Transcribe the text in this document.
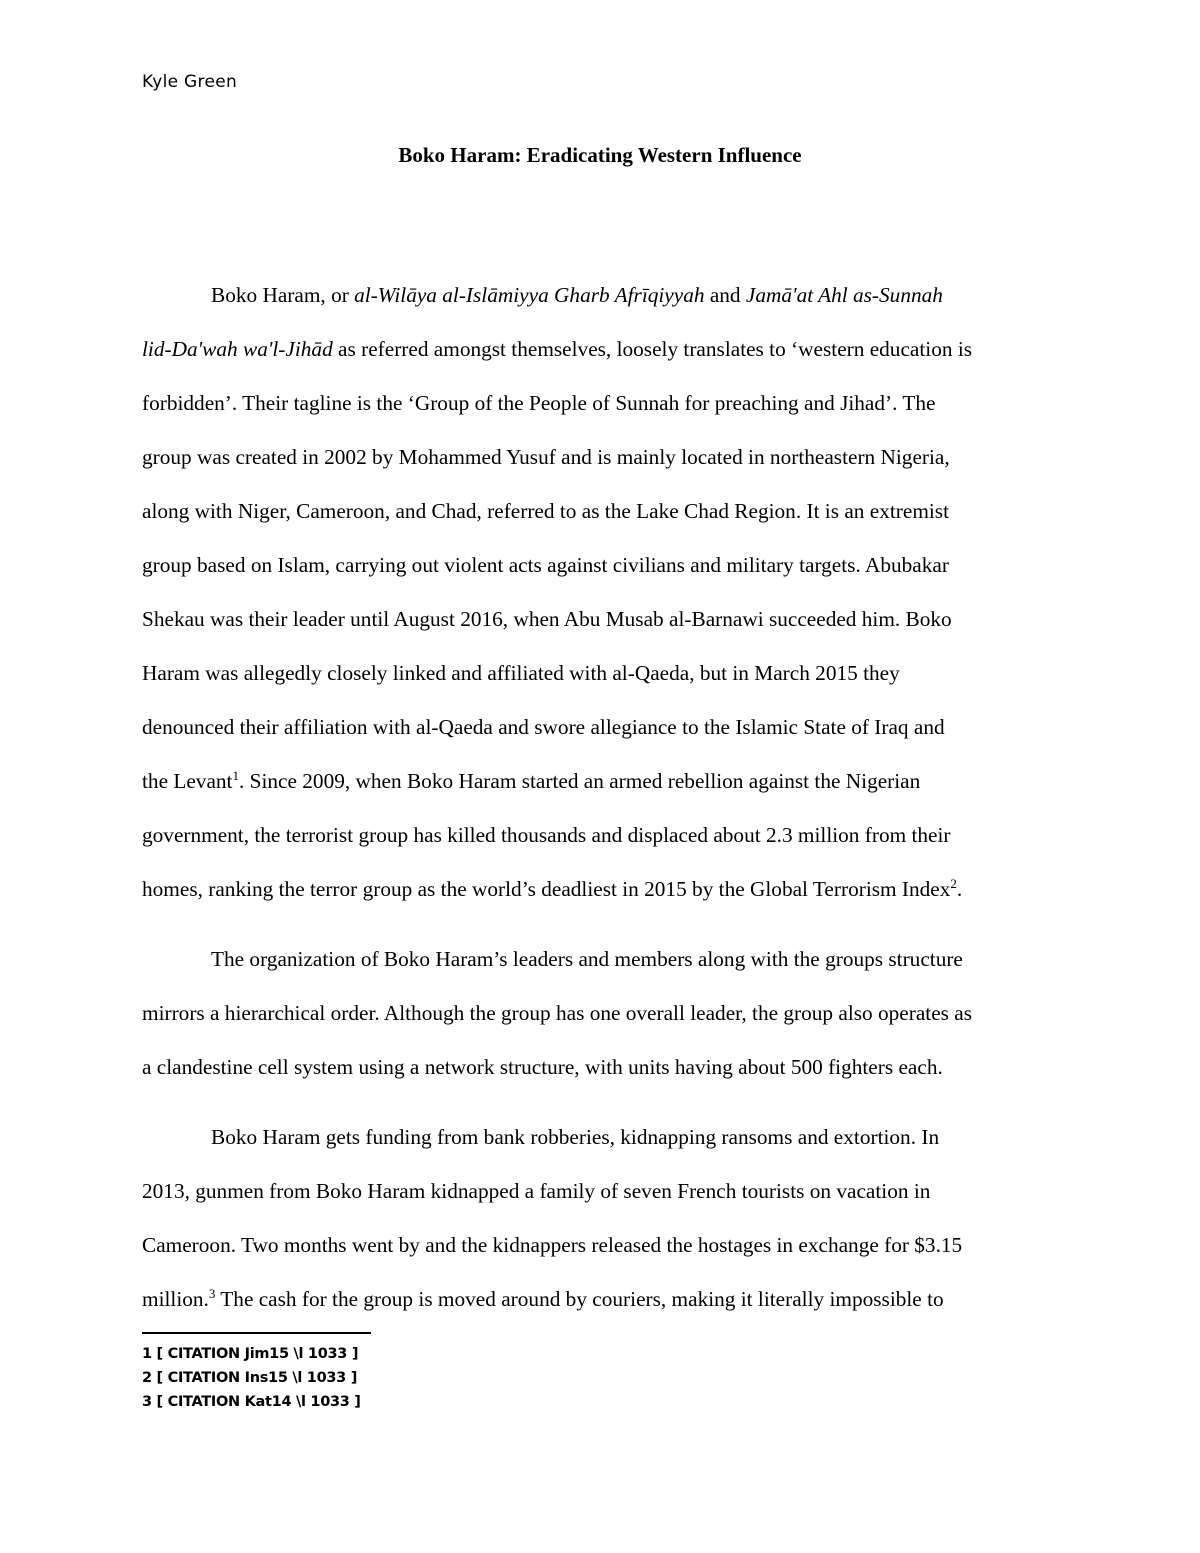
Kyle Green
Boko Haram: Eradicating Western Influence
Boko Haram, or al-Wilāya al-Islāmiyya Gharb Afrīqiyyah and Jamā'at Ahl as-Sunnah
lid-Da'wah wa'l-Jihād as referred amongst themselves, loosely translates to ‘western education is
forbidden’. Their tagline is the ‘Group of the People of Sunnah for preaching and Jihad’. The
group was created in 2002 by Mohammed Yusuf and is mainly located in northeastern Nigeria,
along with Niger, Cameroon, and Chad, referred to as the Lake Chad Region. It is an extremist
group based on Islam, carrying out violent acts against civilians and military targets. Abubakar
Shekau was their leader until August 2016, when Abu Musab al-Barnawi succeeded him. Boko
Haram was allegedly closely linked and affiliated with al-Qaeda, but in March 2015 they
denounced their affiliation with al-Qaeda and swore allegiance to the Islamic State of Iraq and
the Levant$^1$. Since 2009, when Boko Haram started an armed rebellion against the Nigerian
government, the terrorist group has killed thousands and displaced about 2.3 million from their
homes, ranking the terror group as the world’s deadliest in 2015 by the Global Terrorism Index$^2$.
The organization of Boko Haram’s leaders and members along with the groups structure
mirrors a hierarchical order. Although the group has one overall leader, the group also operates as
a clandestine cell system using a network structure, with units having about 500 fighters each.
Boko Haram gets funding from bank robberies, kidnapping ransoms and extortion. In
2013, gunmen from Boko Haram kidnapped a family of seven French tourists on vacation in
Cameroon. Two months went by and the kidnappers released the hostages in exchange for $3.15
million.$^3$ The cash for the group is moved around by couriers, making it literally impossible to
1 [ CITATION Jim15 \l 1033 ]
2 [ CITATION Ins15 \l 1033 ]
3 [ CITATION Kat14 \l 1033 ]
